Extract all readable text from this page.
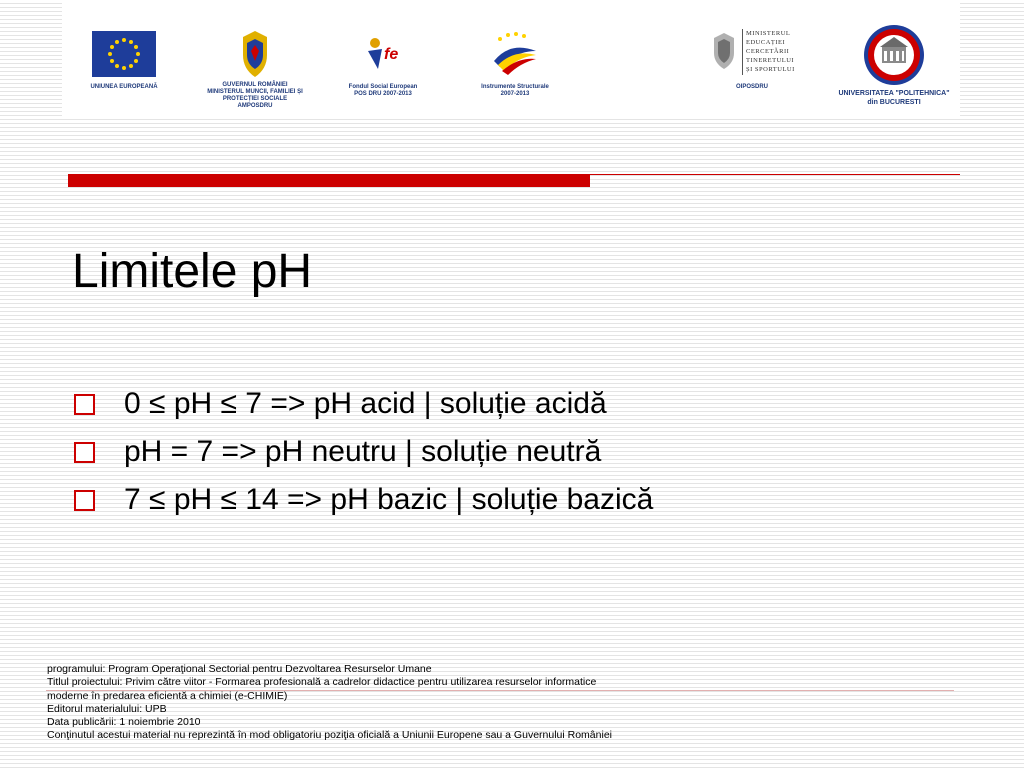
UNIUNEA EUROPEANĂ	GUVERNUL ROMÂNIEI
MINISTERUL MUNCII, FAMILIEI ȘI
PROTECȚIEI SOCIALE
AMPOSDRU
fe
Fondul Social European
POS DRU 2007-2013
Instrumente Structurale
2007-2013
MINISTERUL
EDUCAȚIEI
CERCETĂRII
TINERETULUI
ȘI SPORTULUI
OIPOSDRU
UNIVERSITATEA "POLITEHNICA"
din BUCURESTI
Limitele pH
0 ≤ pH ≤ 7 => pH acid | soluție acidă
pH = 7 => pH neutru | soluție neutră
7 ≤ pH ≤ 14 => pH bazic | soluție bazică
programului: Program Operaţional Sectorial pentru Dezvoltarea Resurselor Umane
Titlul proiectului: Privim către viitor - Formarea profesională a cadrelor didactice pentru utilizarea resurselor informatice
moderne în predarea eficientă a chimiei (e-CHIMIE)
Editorul materialului: UPB
Data publicării: 1 noiembrie 2010
Conţinutul acestui material nu reprezintă în mod obligatoriu poziţia oficială a Uniunii Europene sau a Guvernului României
